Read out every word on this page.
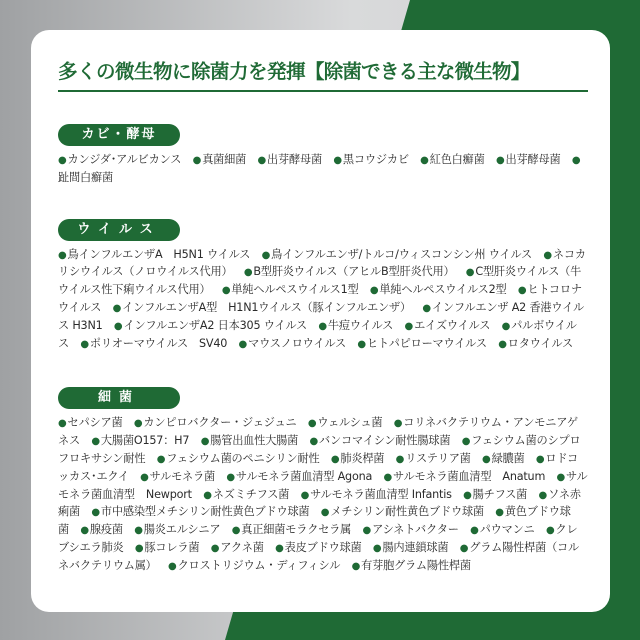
多くの微生物に除菌力を発揮【除菌できる主な微生物】
カビ・酵母
●カンジダ･アルビカンス ●真菌細菌 ●出芽酵母菌 ●黒コウジカビ ●紅色白癬菌 ●出芽酵母菌 ●趾間白癬菌
ウイルス
●鳥インフルエンザA　H5N1 ウイルス ●鳥インフルエンザ/トルコ/ウィスコンシン州 ウイルス ●ネコカリシウイルス（ノロウイルス代用） ●B型肝炎ウイルス（アヒルB型肝炎代用） ●C型肝炎ウイルス（牛ウイルス性下痢ウイルス代用） ●単純ヘルペスウイルス1型 ●単純ヘルペスウイルス2型 ●ヒトコロナウイルス ●インフルエンザA型　H1N1ウイルス（豚インフルエンザ） ●インフルエンザ A2 香港ウイルス H3N1 ●インフルエンザA2 日本305 ウイルス ●牛痘ウイルス ●エイズウイルス ●パルボウイルス ●ポリオーマウイルス　SV40 ●マウスノロウイルス ●ヒトパピローマウイルス ●ロタウイルス
細菌
●セパシア菌 ●カンピロバクター・ジェジュニ ●ウェルシュ菌 ●コリネバクテリウム・アンモニアゲネス ●大腸菌O157：H7 ●腸管出血性大腸菌 ●バンコマイシン耐性腸球菌 ●フェシウム菌のシプロフロキサシン耐性 ●フェシウム菌のペニシリン耐性 ●肺炎桿菌 ●リステリア菌 ●緑膿菌 ●ロドコッカス･エクイ ●サルモネラ菌 ●サルモネラ菌血清型 Agona ●サルモネラ菌血清型　Anatum ●サルモネラ菌血清型　Newport ●ネズミチフス菌 ●サルモネラ菌血清型 Infantis ●腸チフス菌 ●ソネ赤痢菌 ●市中感染型メチシリン耐性黄色ブドウ球菌 ●メチシリン耐性黄色ブドウ球菌 ●黄色ブドウ球菌 ●腺疫菌 ●腸炎エルシニア ●真正細菌モラクセラ属 ●アシネトバクター ●パウマンニ ●クレブシエラ肺炎 ●豚コレラ菌 ●アクネ菌 ●表皮ブドウ球菌 ●腸内連鎖球菌 ●グラム陽性桿菌（コルネバクテリウム属） ●クロストリジウム・ディフィシル ●有芽胞グラム陽性桿菌
